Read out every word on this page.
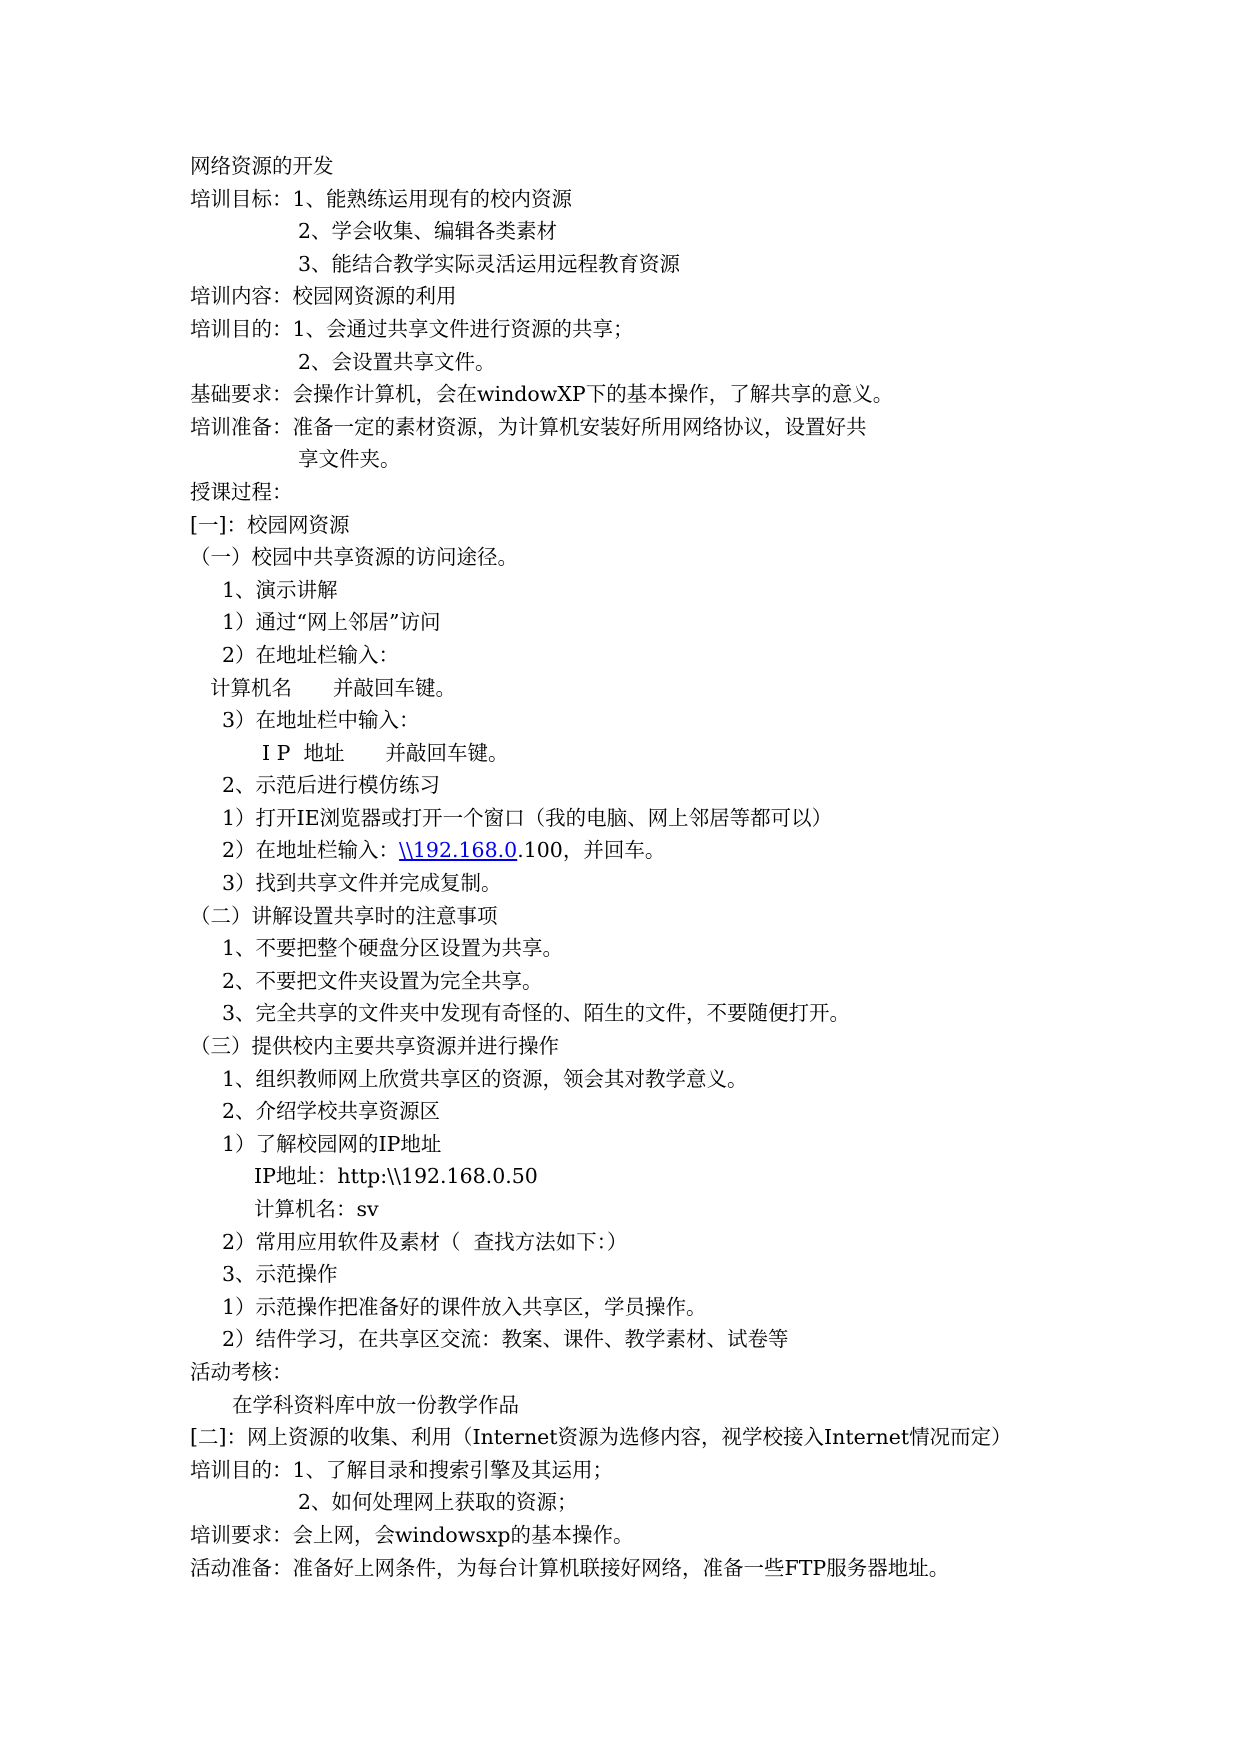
网络资源的开发
培训目标：1、能熟练运用现有的校内资源
2、学会收集、编辑各类素材
3、能结合教学实际灵活运用远程教育资源
培训内容：校园网资源的利用
培训目的：1、会通过共享文件进行资源的共享；
2、会设置共享文件。
基础要求：会操作计算机，会在windowXP下的基本操作，了解共享的意义。
培训准备：准备一定的素材资源，为计算机安装好所用网络协议，设置好共
享文件夹。
授课过程：
[一]：校园网资源
（一）校园中共享资源的访问途径。
1、演示讲解
1）通过“网上邻居”访问
2）在地址栏输入：
计算机名　　并敲回车键。
3）在地址栏中输入：
I P  地址　　并敲回车键。
2、示范后进行模仿练习
1）打开IE浏览器或打开一个窗口（我的电脑、网上邻居等都可以）
2）在地址栏输入：\\192.168.0.100，并回车。
3）找到共享文件并完成复制。
（二）讲解设置共享时的注意事项
1、不要把整个硬盘分区设置为共享。
2、不要把文件夹设置为完全共享。
3、完全共享的文件夹中发现有奇怪的、陌生的文件，不要随便打开。
（三）提供校内主要共享资源并进行操作
1、组织教师网上欣赏共享区的资源，领会其对教学意义。
2、介绍学校共享资源区
1）了解校园网的IP地址
IP地址：http:\\192.168.0.50
计算机名：sv
2）常用应用软件及素材（  查找方法如下：）
3、示范操作
1）示范操作把准备好的课件放入共享区，学员操作。
2）结件学习，在共享区交流：教案、课件、教学素材、试卷等
活动考核：
在学科资料库中放一份教学作品
[二]：网上资源的收集、利用（Internet资源为选修内容，视学校接入Internet情况而定）
培训目的：1、了解目录和搜索引擎及其运用；
2、如何处理网上获取的资源；
培训要求：会上网，会windowsxp的基本操作。
活动准备：准备好上网条件，为每台计算机联接好网络，准备一些FTP服务器地址。
